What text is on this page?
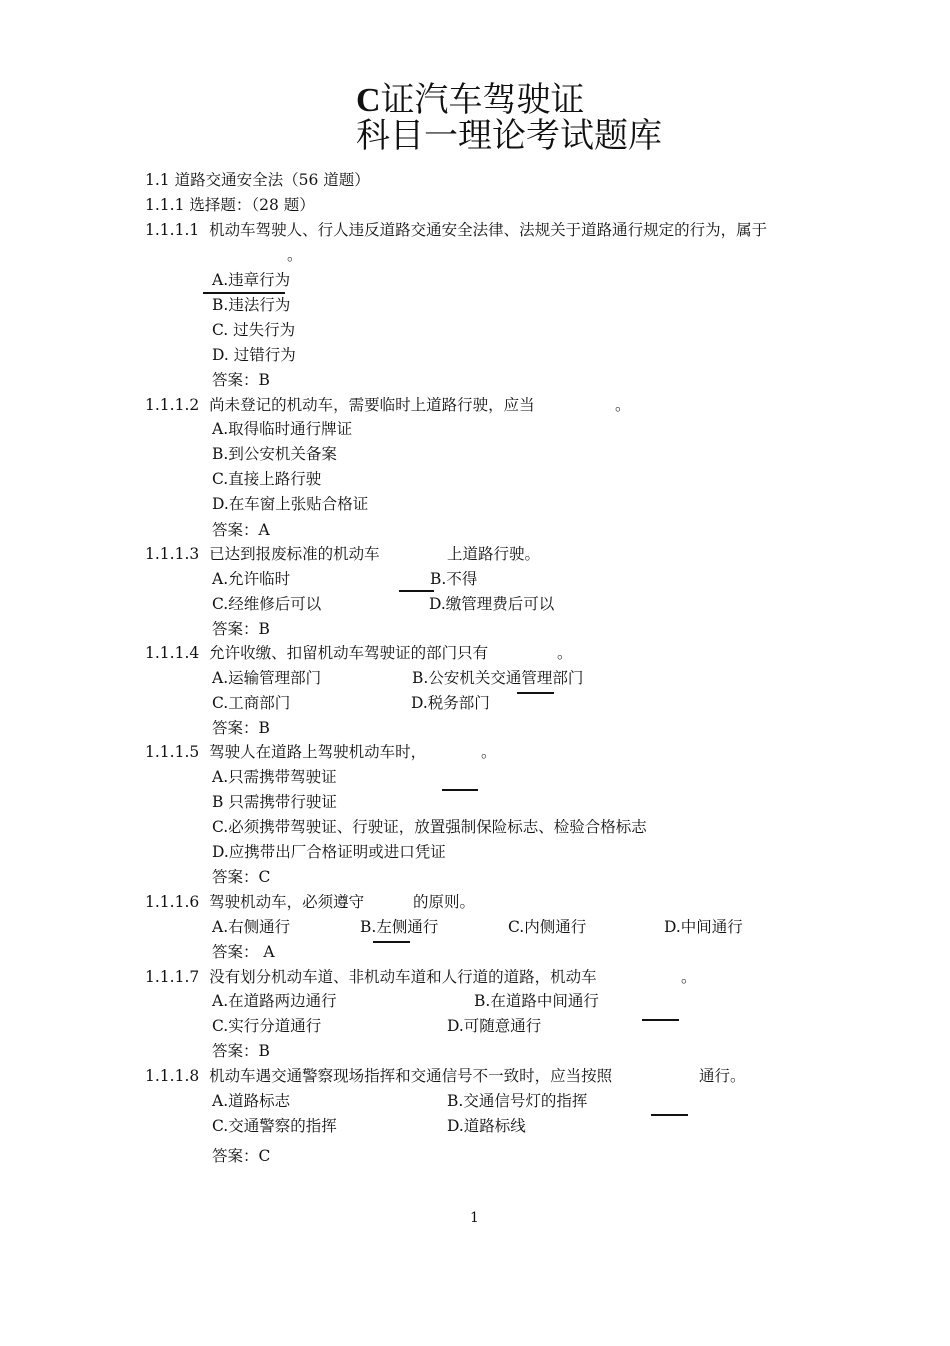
C证汽车驾驶证
科目一理论考试题库
1.1 道路交通安全法（56 道题）
1.1.1 选择题：（28 题）
1.1.1.1 机动车驾驶人、行人违反道路交通安全法律、法规关于道路通行规定的行为，属于
。
A.违章行为
B.违法行为
C. 过失行为
D. 过错行为
答案：B
1.1.1.2 尚未登记的机动车，需要临时上道路行驶，应当	。
A.取得临时通行牌证
B.到公安机关备案
C.直接上路行驶
D.在车窗上张贴合格证
答案：A
1.1.1.3 已达到报废标准的机动车	上道路行驶。
A.允许临时	B.不得
C.经维修后可以	D.缴管理费后可以
答案：B
1.1.1.4 允许收缴、扣留机动车驾驶证的部门只有	。
A.运输管理部门	B.公安机关交通管理部门
C.工商部门	D.税务部门
答案：B
1.1.1.5 驾驶人在道路上驾驶机动车时，	。
A.只需携带驾驶证
B 只需携带行驶证
C.必须携带驾驶证、行驶证，放置强制保险标志、检验合格标志
D.应携带出厂合格证明或进口凭证
答案：C
1.1.1.6 驾驶机动车，必须遵守	的原则。
A.右侧通行	B.左侧通行	C.内侧通行	D.中间通行
答案： A
1.1.1.7 没有划分机动车道、非机动车道和人行道的道路，机动车	。
A.在道路两边通行	B.在道路中间通行
C.实行分道通行	D.可随意通行
答案：B
1.1.1.8 机动车遇交通警察现场指挥和交通信号不一致时，应当按照	通行。
A.道路标志	B.交通信号灯的指挥
C.交通警察的指挥	D.道路标线
答案：C
1
